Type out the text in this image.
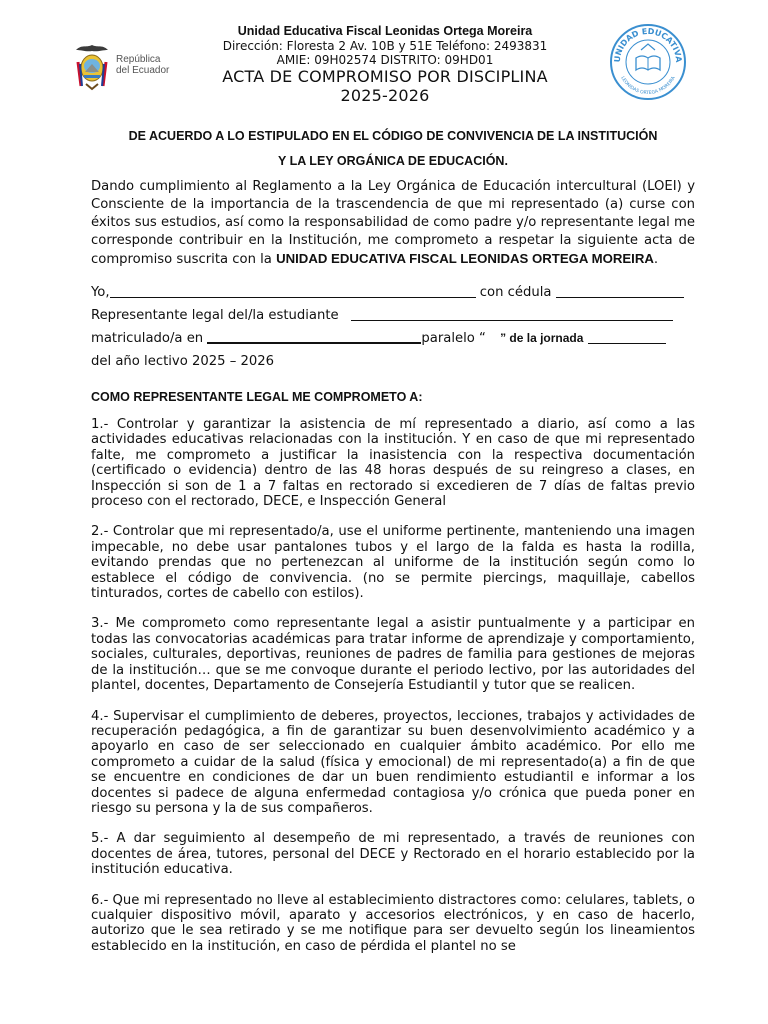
República
del Ecuador
Unidad Educativa Fiscal Leonidas Ortega Moreira
Dirección: Floresta 2 Av. 10B y 51E Teléfono: 2493831
AMIE: 09H02574 DISTRITO: 09HD01
ACTA DE COMPROMISO POR DISCIPLINA
2025-2026
UNIDAD EDUCATIVA
LEONIDAS ORTEGA MOREIRA

DE ACUERDO A LO ESTIPULADO EN EL CÓDIGO DE CONVIVENCIA DE LA INSTITUCIÓN
Y LA LEY ORGÁNICA DE EDUCACIÓN.

Dando cumplimiento al Reglamento a la Ley Orgánica de Educación intercultural (LOEI) y Consciente de la importancia de la trascendencia de que mi representado (a) curse con éxitos sus estudios, así como la responsabilidad de como padre y/o representante legal me corresponde contribuir en la Institución, me comprometo a respetar la siguiente acta de compromiso suscrita con la UNIDAD EDUCATIVA FISCAL LEONIDAS ORTEGA MOREIRA.

Yo,	con cédula
Representante legal del/la estudiante
matriculado/a en	paralelo “ ” de la jornada
del año lectivo 2025 – 2026
COMO REPRESENTANTE LEGAL ME COMPROMETO A:

1.- Controlar y garantizar la asistencia de mí representado a diario, así como a las actividades educativas relacionadas con la institución. Y en caso de que mi representado falte, me comprometo a justificar la inasistencia con la respectiva documentación (certificado o evidencia) dentro de las 48 horas después de su reingreso a clases, en Inspección si son de 1 a 7 faltas en rectorado si excedieren de 7 días de faltas previo proceso con el rectorado, DECE, e Inspección General

2.- Controlar que mi representado/a, use el uniforme pertinente, manteniendo una imagen impecable, no debe usar pantalones tubos y el largo de la falda es hasta la rodilla, evitando prendas que no pertenezcan al uniforme de la institución según como lo establece el código de convivencia. (no se permite piercings, maquillaje, cabellos tinturados, cortes de cabello con estilos).

3.- Me comprometo como representante legal a asistir puntualmente y a participar en todas las convocatorias académicas para tratar informe de aprendizaje y comportamiento, sociales, culturales, deportivas, reuniones de padres de familia para gestiones de mejoras de la institución… que se me convoque durante el periodo lectivo, por las autoridades del plantel, docentes, Departamento de Consejería Estudiantil y tutor que se realicen.

4.- Supervisar el cumplimiento de deberes, proyectos, lecciones, trabajos y actividades de recuperación pedagógica, a fin de garantizar su buen desenvolvimiento académico y a apoyarlo en caso de ser seleccionado en cualquier ámbito académico. Por ello me comprometo a cuidar de la salud (física y emocional) de mi representado(a) a fin de que se encuentre en condiciones de dar un buen rendimiento estudiantil e informar a los docentes si padece de alguna enfermedad contagiosa y/o crónica que pueda poner en riesgo su persona y la de sus compañeros.

5.- A dar seguimiento al desempeño de mi representado, a través de reuniones con docentes de área, tutores, personal del DECE y Rectorado en el horario establecido por la institución educativa.

6.- Que mi representado no lleve al establecimiento distractores como: celulares, tablets, o cualquier dispositivo móvil, aparato y accesorios electrónicos, y en caso de hacerlo, autorizo que le sea retirado y se me notifique para ser devuelto según los lineamientos establecido en la institución, en caso de pérdida el plantel no se
